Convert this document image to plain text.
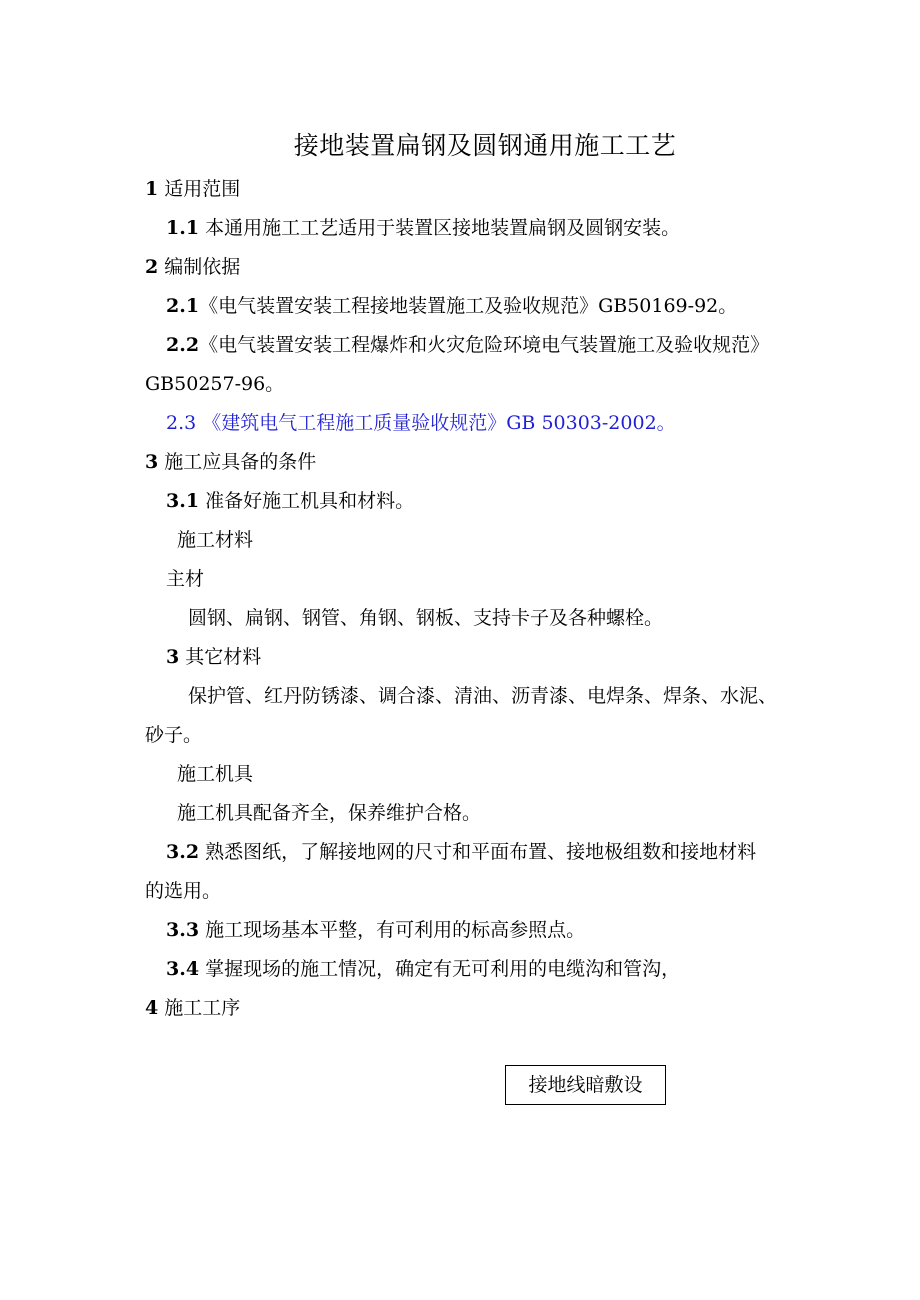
接地装置扁钢及圆钢通用施工工艺
1 适用范围
1.1 本通用施工工艺适用于装置区接地装置扁钢及圆钢安装。
2 编制依据
2.1《电气装置安装工程接地装置施工及验收规范》GB50169-92。
2.2《电气装置安装工程爆炸和火灾危险环境电气装置施工及验收规范》
GB50257-96。
2.3 《建筑电气工程施工质量验收规范》GB 50303-2002。
3 施工应具备的条件
3.1 准备好施工机具和材料。
施工材料
主材
圆钢、扁钢、钢管、角钢、钢板、支持卡子及各种螺栓。
3 其它材料
保护管、红丹防锈漆、调合漆、清油、沥青漆、电焊条、焊条、水泥、
砂子。
施工机具
施工机具配备齐全，保养维护合格。
3.2 熟悉图纸，了解接地网的尺寸和平面布置、接地极组数和接地材料
的选用。
3.3 施工现场基本平整，有可利用的标高参照点。
3.4 掌握现场的施工情况，确定有无可利用的电缆沟和管沟，
4 施工工序
接地线暗敷设
